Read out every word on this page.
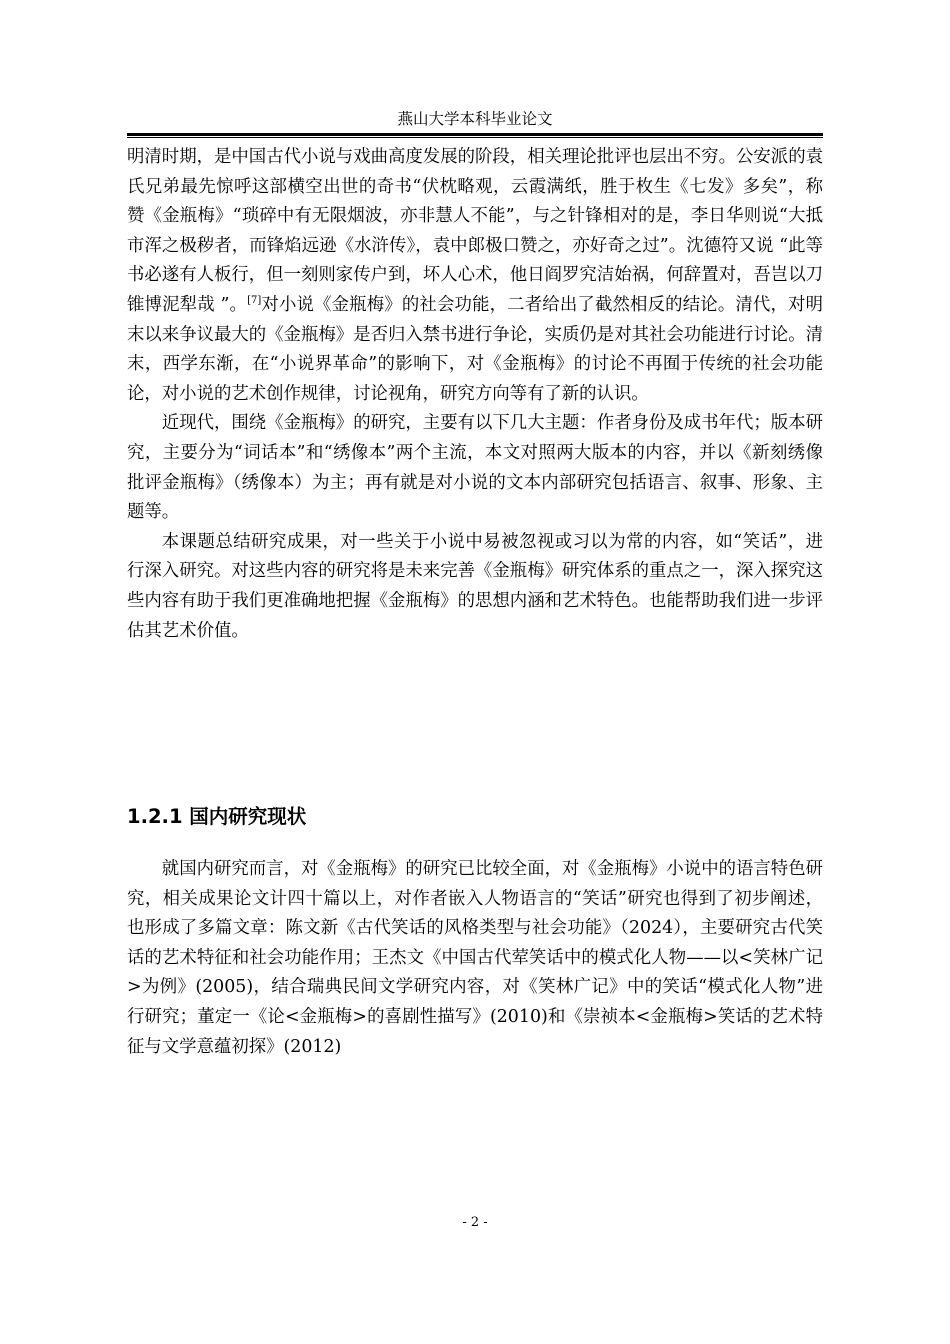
燕山大学本科毕业论文

明清时期，是中国古代小说与戏曲高度发展的阶段，相关理论批评也层出不穷。公安派的袁氏兄弟最先惊呼这部横空出世的奇书“伏枕略观，云霞满纸，胜于枚生《七发》多矣”，称赞《金瓶梅》“琐碎中有无限烟波，亦非慧人不能”，与之针锋相对的是，李日华则说“大抵市浑之极秽者，而锋焰远逊《水浒传》，袁中郎极口赞之，亦好奇之过”。沈德符又说 “此等书必遂有人板行，但一刻则家传户到，坏人心术，他日阎罗究洁始祸，何辞置对，吾岂以刀锥博泥犁哉 ”。[7]对小说《金瓶梅》的社会功能，二者给出了截然相反的结论。清代，对明末以来争议最大的《金瓶梅》是否归入禁书进行争论，实质仍是对其社会功能进行讨论。清末，西学东渐，在“小说界革命”的影响下，对《金瓶梅》的讨论不再囿于传统的社会功能论，对小说的艺术创作规律，讨论视角，研究方向等有了新的认识。

近现代，围绕《金瓶梅》的研究，主要有以下几大主题：作者身份及成书年代；版本研究，主要分为“词话本”和“绣像本”两个主流，本文对照两大版本的内容，并以《新刻绣像批评金瓶梅》（绣像本）为主；再有就是对小说的文本内部研究包括语言、叙事、形象、主题等。

本课题总结研究成果，对一些关于小说中易被忽视或习以为常的内容，如“笑话”，进行深入研究。对这些内容的研究将是未来完善《金瓶梅》研究体系的重点之一，深入探究这些内容有助于我们更准确地把握《金瓶梅》的思想内涵和艺术特色。也能帮助我们进一步评估其艺术价值。

1.2.1 国内研究现状

就国内研究而言，对《金瓶梅》的研究已比较全面，对《金瓶梅》小说中的语言特色研究，相关成果论文计四十篇以上，对作者嵌入人物语言的“笑话”研究也得到了初步阐述，也形成了多篇文章：陈文新《古代笑话的风格类型与社会功能》（2024），主要研究古代笑话的艺术特征和社会功能作用；王杰文《中国古代荤笑话中的模式化人物——以<笑林广记>为例》(2005)，结合瑞典民间文学研究内容，对《笑林广记》中的笑话“模式化人物”进行研究；董定一《论<金瓶梅>的喜剧性描写》(2010)和《崇祯本<金瓶梅>笑话的艺术特征与文学意蕴初探》(2012)

- 2 -
